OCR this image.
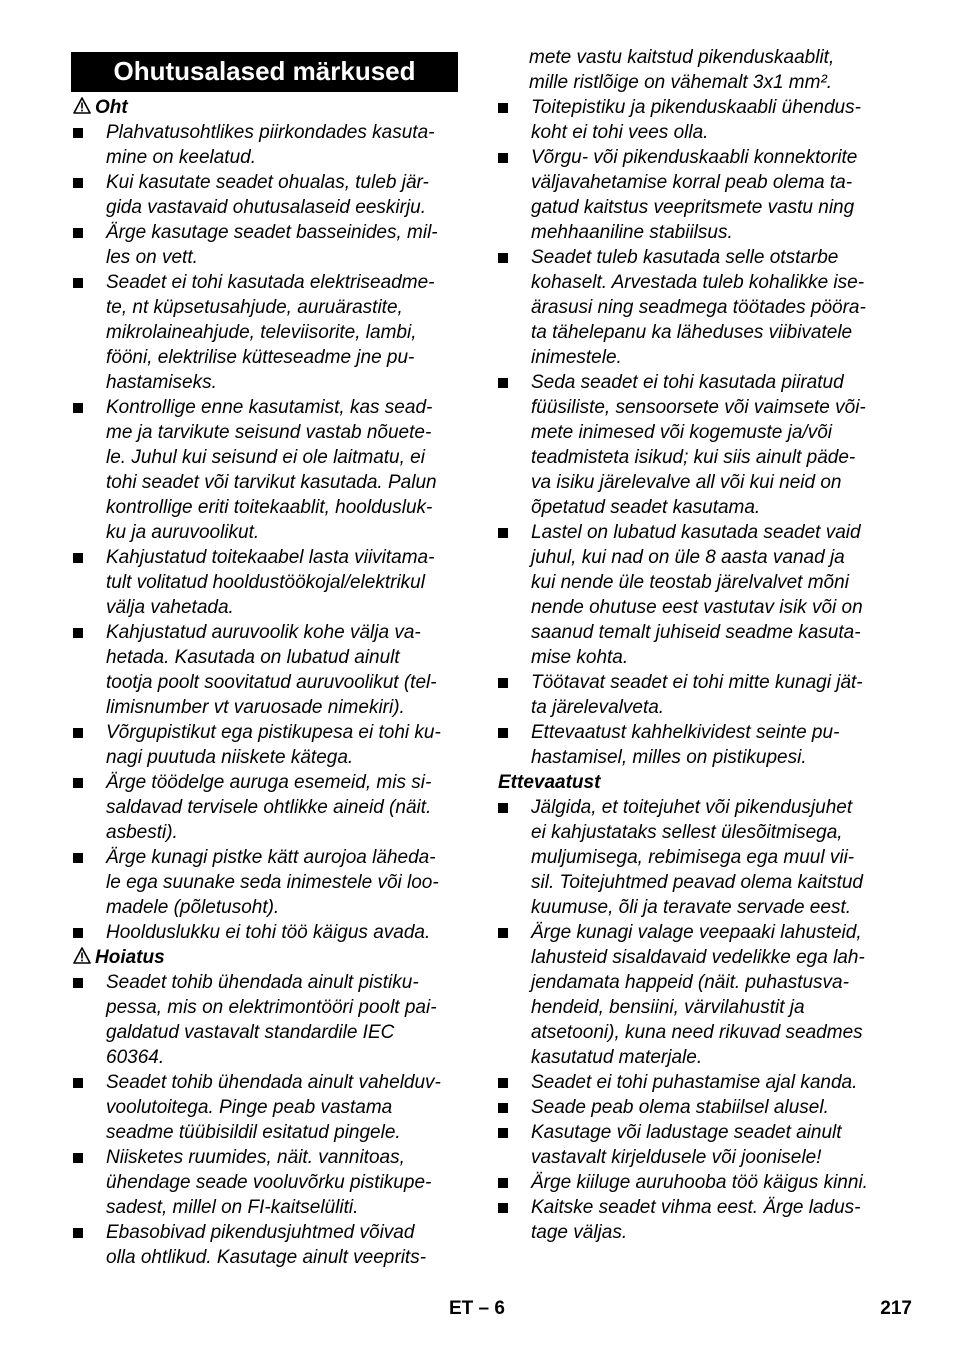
Ohutusalased märkused
Oht
Plahvatusohtlikes piirkondades kasuta-
mine on keelatud.
Kui kasutate seadet ohualas, tuleb jär-
gida vastavaid ohutusalaseid eeskirju.
Ärge kasutage seadet basseinides, mil-
les on vett.
Seadet ei tohi kasutada elektriseadme-
te, nt küpsetusahjude, auruärastite,
mikrolaineahjude, televiisorite, lambi,
fööni, elektrilise kütteseadme jne pu-
hastamiseks.
Kontrollige enne kasutamist, kas sead-
me ja tarvikute seisund vastab nõuete-
le. Juhul kui seisund ei ole laitmatu, ei
tohi seadet või tarvikut kasutada. Palun
kontrollige eriti toitekaablit, hooldusluk-
ku ja auruvoolikut.
Kahjustatud toitekaabel lasta viivitama-
tult volitatud hooldustöökojal/elektrikul
välja vahetada.
Kahjustatud auruvoolik kohe välja va-
hetada. Kasutada on lubatud ainult
tootja poolt soovitatud auruvoolikut (tel-
limisnumber vt varuosade nimekiri).
Võrgupistikut ega pistikupesa ei tohi ku-
nagi puutuda niiskete kätega.
Ärge töödelge auruga esemeid, mis si-
saldavad tervisele ohtlikke aineid (näit.
asbesti).
Ärge kunagi pistke kätt aurojoa läheda-
le ega suunake seda inimestele või loo-
madele (põletusoht).
Hoolduslukku ei tohi töö käigus avada.
Hoiatus
Seadet tohib ühendada ainult pistiku-
pessa, mis on elektrimontööri poolt pai-
galdatud vastavalt standardile IEC
60364.
Seadet tohib ühendada ainult vahelduv-
voolutoitega. Pinge peab vastama
seadme tüübisildil esitatud pingele.
Niisketes ruumides, näit. vannitoas,
ühendage seade vooluvõrku pistikupe-
sadest, millel on FI-kaitselüliti.
Ebasobivad pikendusjuhtmed võivad
olla ohtlikud. Kasutage ainult veeprits-
mete vastu kaitstud pikenduskaablit,
mille ristlõige on vähemalt 3x1 mm².
Toitepistiku ja pikenduskaabli ühendus-
koht ei tohi vees olla.
Võrgu- või pikenduskaabli konnektorite
väljavahetamise korral peab olema ta-
gatud kaitstus veepritsmete vastu ning
mehhaaniline stabiilsus.
Seadet tuleb kasutada selle otstarbe
kohaselt. Arvestada tuleb kohalikke ise-
ärasusi ning seadmega töötades pööra-
ta tähelepanu ka läheduses viibivatele
inimestele.
Seda seadet ei tohi kasutada piiratud
füüsiliste, sensoorsete või vaimsete või-
mete inimesed või kogemuste ja/või
teadmisteta isikud; kui siis ainult päde-
va isiku järelevalve all või kui neid on
õpetatud seadet kasutama.
Lastel on lubatud kasutada seadet vaid
juhul, kui nad on üle 8 aasta vanad ja
kui nende üle teostab järelvalvet mõni
nende ohutuse eest vastutav isik või on
saanud temalt juhiseid seadme kasuta-
mise kohta.
Töötavat seadet ei tohi mitte kunagi jät-
ta järelevalveta.
Ettevaatust kahhelkividest seinte pu-
hastamisel, milles on pistikupesi.
Ettevaatust
Jälgida, et toitejuhet või pikendusjuhet
ei kahjustataks sellest ülesõitmisega,
muljumisega, rebimisega ega muul vii-
sil. Toitejuhtmed peavad olema kaitstud
kuumuse, õli ja teravate servade eest.
Ärge kunagi valage veepaaki lahusteid,
lahusteid sisaldavaid vedelikke ega lah-
jendamata happeid (näit. puhastusva-
hendeid, bensiini, värvilahustit ja
atsetooni), kuna need rikuvad seadmes
kasutatud materjale.
Seadet ei tohi puhastamise ajal kanda.
Seade peab olema stabiilsel alusel.
Kasutage või ladustage seadet ainult
vastavalt kirjeldusele või joonisele!
Ärge kiiluge auruhooba töö käigus kinni.
Kaitske seadet vihma eest. Ärge ladus-
tage väljas.
ET – 6	217
